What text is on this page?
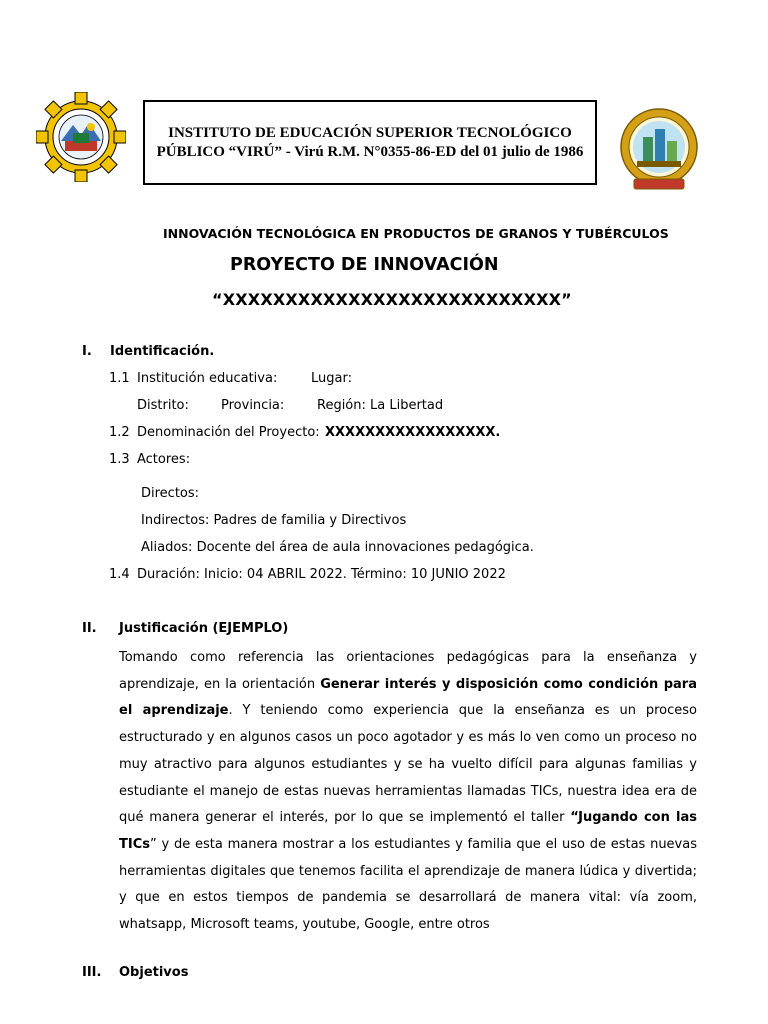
INSTITUTO DE EDUCACIÓN SUPERIOR TECNOLÓGICO
PÚBLICO “VIRÚ” - Virú R.M. N°0355-86-ED del 01 julio de 1986
INNOVACIÓN TECNOLÓGICA EN PRODUCTOS DE GRANOS Y TUBÉRCULOS
PROYECTO DE INNOVACIÓN
“XXXXXXXXXXXXXXXXXXXXXXXXXXX”
I. Identificación.
1.1 Institución educativa:	Lugar:
Distrito: Provincia:	Región: La Libertad
1.2 Denominación del Proyecto: XXXXXXXXXXXXXXXXX.
1.3 Actores:
Directos:
Indirectos: Padres de familia y Directivos
Aliados: Docente del área de aula innovaciones pedagógica.
1.4 Duración: Inicio: 04 ABRIL 2022. Término: 10 JUNIO 2022
II. Justificación (EJEMPLO)
Tomando como referencia las orientaciones pedagógicas para la enseñanza y aprendizaje, en la orientación Generar interés y disposición como condición para el aprendizaje. Y teniendo como experiencia que la enseñanza es un proceso estructurado y en algunos casos un poco agotador y es más lo ven como un proceso no muy atractivo para algunos estudiantes y se ha vuelto difícil para algunas familias y estudiante el manejo de estas nuevas herramientas llamadas TICs, nuestra idea era de qué manera generar el interés, por lo que se implementó el taller “Jugando con las TICs” y de esta manera mostrar a los estudiantes y familia que el uso de estas nuevas herramientas digitales que tenemos facilita el aprendizaje de manera lúdica y divertida; y que en estos tiempos de pandemia se desarrollará de manera vital: vía zoom, whatsapp, Microsoft teams, youtube, Google, entre otros
III. Objetivos
